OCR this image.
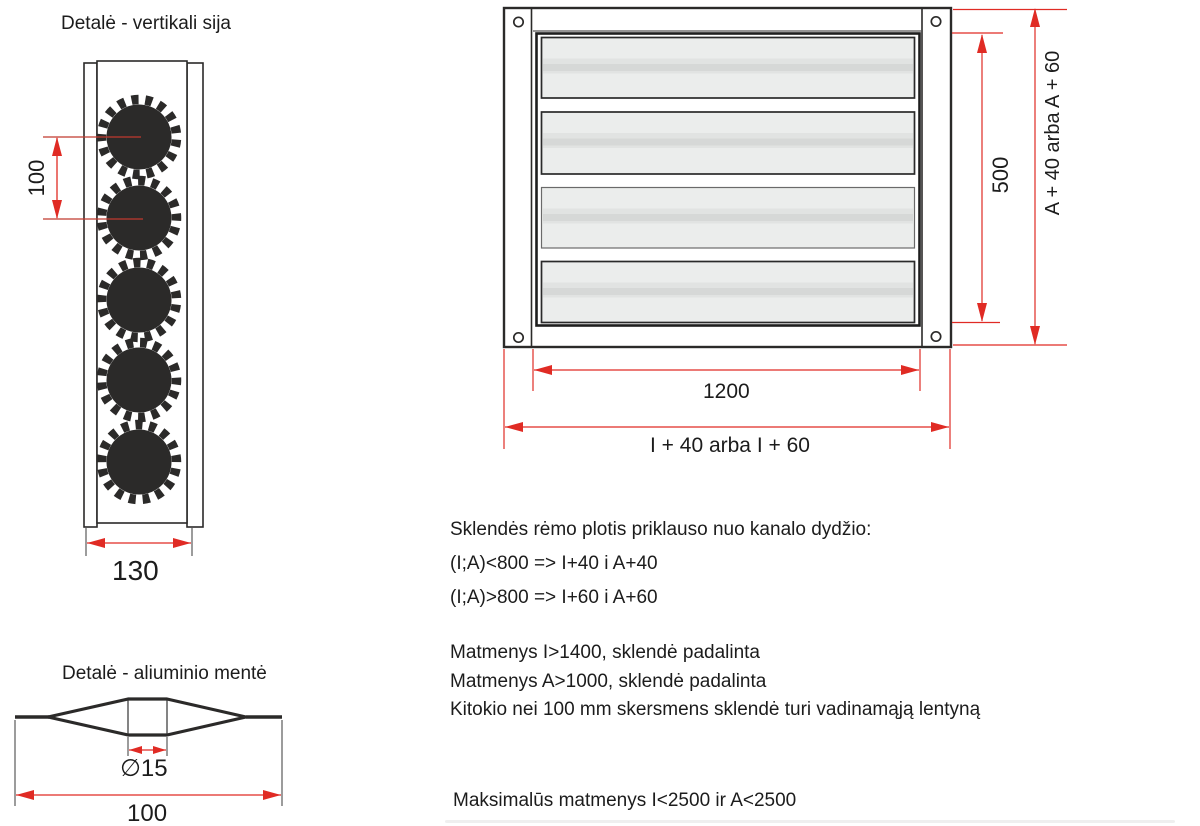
Detalė - vertikali sija
100
130
500 A + 40 arba A + 60
1200
I + 40 arba I + 60
Sklendės rėmo plotis priklauso nuo kanalo dydžio:
(I;A)<800 => I+40 i A+40
(I;A)>800 => I+60 i A+60
Matmenys I>1400, sklendė padalinta
Matmenys A>1000, sklendė padalinta
Kitokio nei 100 mm skersmens sklendė turi vadinamąją lentyną
Maksimalūs matmenys I<2500 ir A<2500
Detalė - aliuminio mentė
∅15
100
